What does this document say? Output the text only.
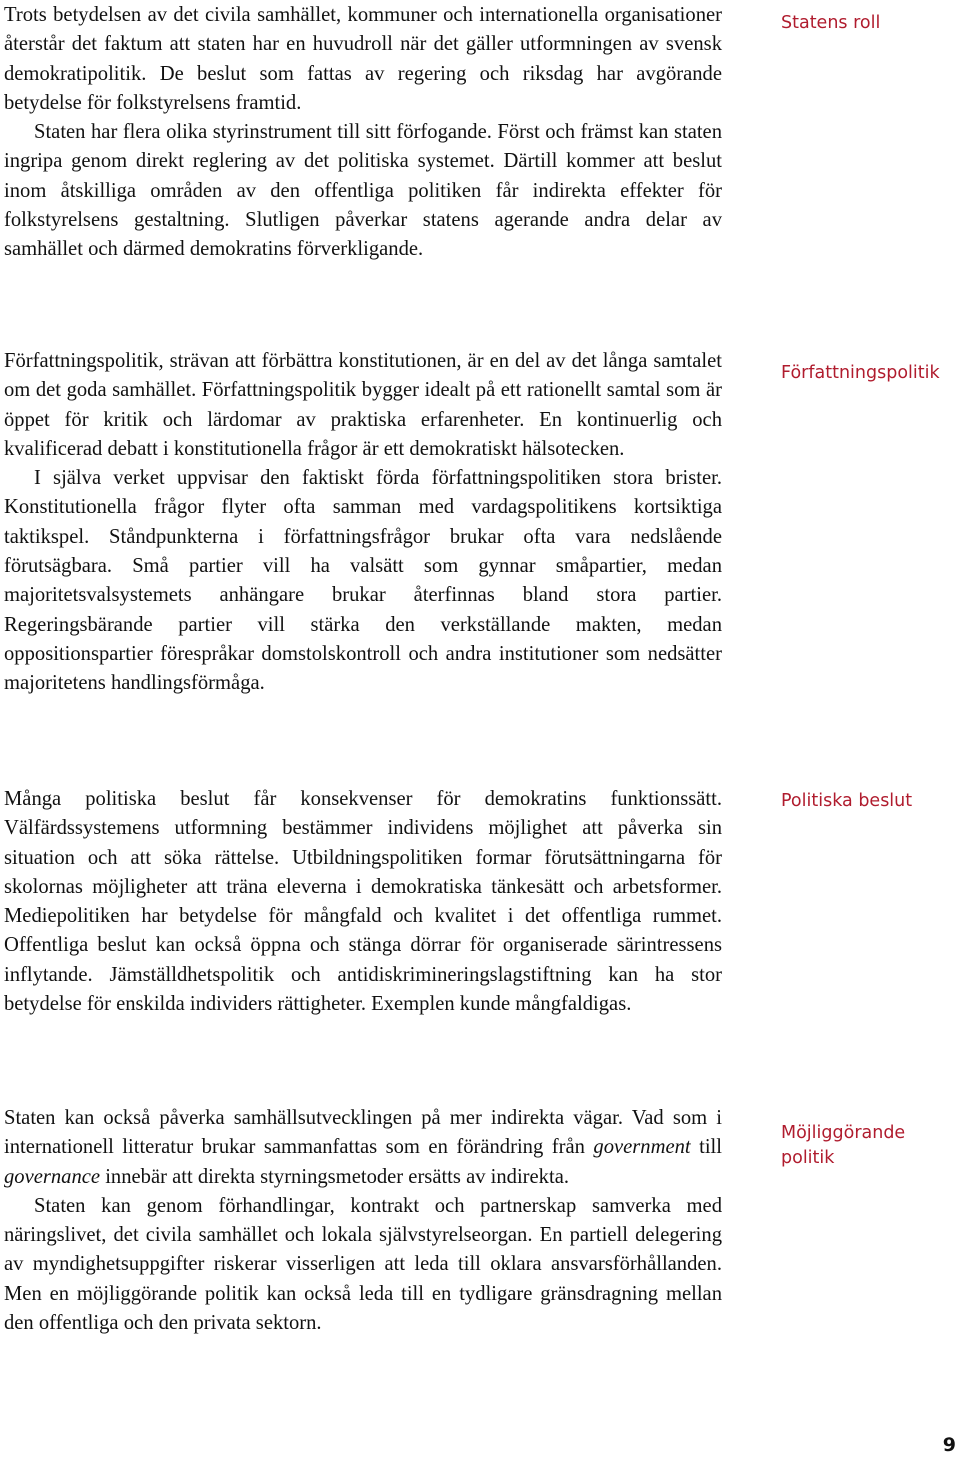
Trots betydelsen av det civila samhället, kommuner och internationella organisationer återstår det faktum att staten har en huvudroll när det gäller utformningen av svensk demokratipolitik. De beslut som fattas av regering och riksdag har avgörande betydelse för folkstyrelsens framtid.

Staten har flera olika styrinstrument till sitt förfogande. Först och främst kan staten ingripa genom direkt reglering av det politiska systemet. Därtill kommer att beslut inom åtskilliga områden av den offentliga politiken får indirekta effekter för folkstyrelsens gestaltning. Slutligen påverkar statens agerande andra delar av samhället och därmed demokratins förverkligande.

Statens roll

Författningspolitik, strävan att förbättra konstitutionen, är en del av det långa samtalet om det goda samhället. Författningspolitik bygger idealt på ett rationellt samtal som är öppet för kritik och lärdomar av praktiska erfarenheter. En kontinuerlig och kvalificerad debatt i konstitutionella frågor är ett demokratiskt hälsotecken.

I själva verket uppvisar den faktiskt förda författningspolitiken stora brister. Konstitutionella frågor flyter ofta samman med vardagspolitikens kortsiktiga taktikspel. Ståndpunkterna i författningsfrågor brukar ofta vara nedslående förutsägbara. Små partier vill ha valsätt som gynnar småpartier, medan majoritetsvalsystemets anhängare brukar återfinnas bland stora partier. Regeringsbärande partier vill stärka den verkställande makten, medan oppositionspartier förespråkar domstolskontroll och andra institutioner som nedsätter majoritetens handlingsförmåga.

Författningspolitik

Många politiska beslut får konsekvenser för demokratins funktionssätt. Välfärdssystemens utformning bestämmer individens möjlighet att påverka sin situation och att söka rättelse. Utbildningspolitiken formar förutsättningarna för skolornas möjligheter att träna eleverna i demokratiska tänkesätt och arbetsformer. Mediepolitiken har betydelse för mångfald och kvalitet i det offentliga rummet. Offentliga beslut kan också öppna och stänga dörrar för organiserade särintressens inflytande. Jämställdhetspolitik och antidiskrimineringslagstiftning kan ha stor betydelse för enskilda individers rättigheter. Exemplen kunde mångfaldigas.

Politiska beslut

Staten kan också påverka samhällsutvecklingen på mer indirekta vägar. Vad som i internationell litteratur brukar sammanfattas som en förändring från government till governance innebär att direkta styrningsmetoder ersätts av indirekta.

Staten kan genom förhandlingar, kontrakt och partnerskap samverka med näringslivet, det civila samhället och lokala självstyrelseorgan. En partiell delegering av myndighetsuppgifter riskerar visserligen att leda till oklara ansvarsförhållanden. Men en möjliggörande politik kan också leda till en tydligare gränsdragning mellan den offentliga och den privata sektorn.

Möjliggörande politik
9
